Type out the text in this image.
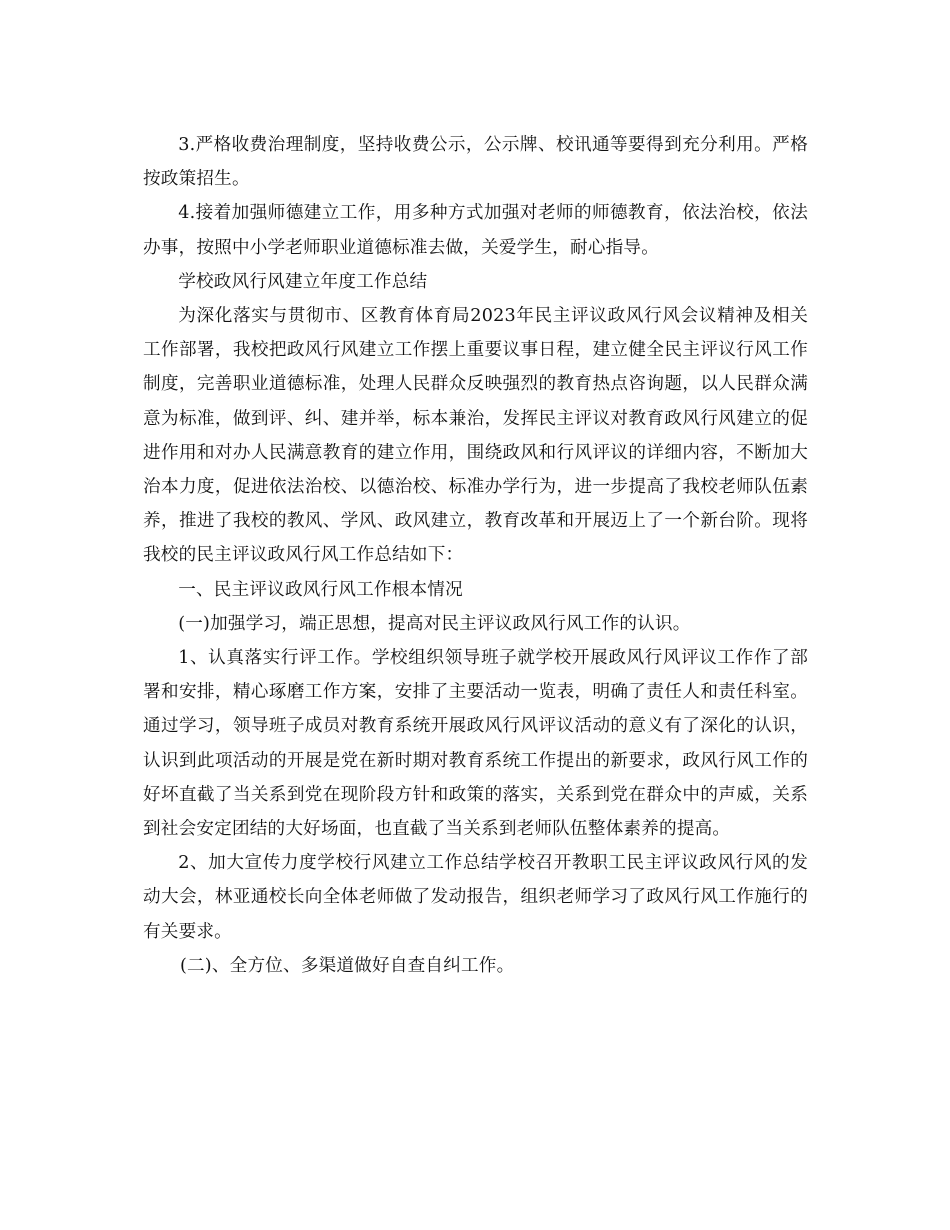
3.严格收费治理制度，坚持收费公示，公示牌、校讯通等要得到充分利用。严格按政策招生。

4.接着加强师德建立工作，用多种方式加强对老师的师德教育，依法治校，依法办事，按照中小学老师职业道德标准去做，关爱学生，耐心指导。

学校政风行风建立年度工作总结

为深化落实与贯彻市、区教育体育局2023年民主评议政风行风会议精神及相关工作部署，我校把政风行风建立工作摆上重要议事日程，建立健全民主评议行风工作制度，完善职业道德标准，处理人民群众反映强烈的教育热点咨询题，以人民群众满意为标准，做到评、纠、建并举，标本兼治，发挥民主评议对教育政风行风建立的促进作用和对办人民满意教育的建立作用，围绕政风和行风评议的详细内容，不断加大治本力度，促进依法治校、以德治校、标准办学行为，进一步提高了我校老师队伍素养，推进了我校的教风、学风、政风建立，教育改革和开展迈上了一个新台阶。现将我校的民主评议政风行风工作总结如下：

一、民主评议政风行风工作根本情况

(一)加强学习，端正思想，提高对民主评议政风行风工作的认识。

1、认真落实行评工作。学校组织领导班子就学校开展政风行风评议工作作了部署和安排，精心琢磨工作方案，安排了主要活动一览表，明确了责任人和责任科室。通过学习，领导班子成员对教育系统开展政风行风评议活动的意义有了深化的认识，认识到此项活动的开展是党在新时期对教育系统工作提出的新要求，政风行风工作的好坏直截了当关系到党在现阶段方针和政策的落实，关系到党在群众中的声威，关系到社会安定团结的大好场面，也直截了当关系到老师队伍整体素养的提高。

2、加大宣传力度学校行风建立工作总结学校召开教职工民主评议政风行风的发动大会，林亚通校长向全体老师做了发动报告，组织老师学习了政风行风工作施行的有关要求。

(二)、全方位、多渠道做好自查自纠工作。
